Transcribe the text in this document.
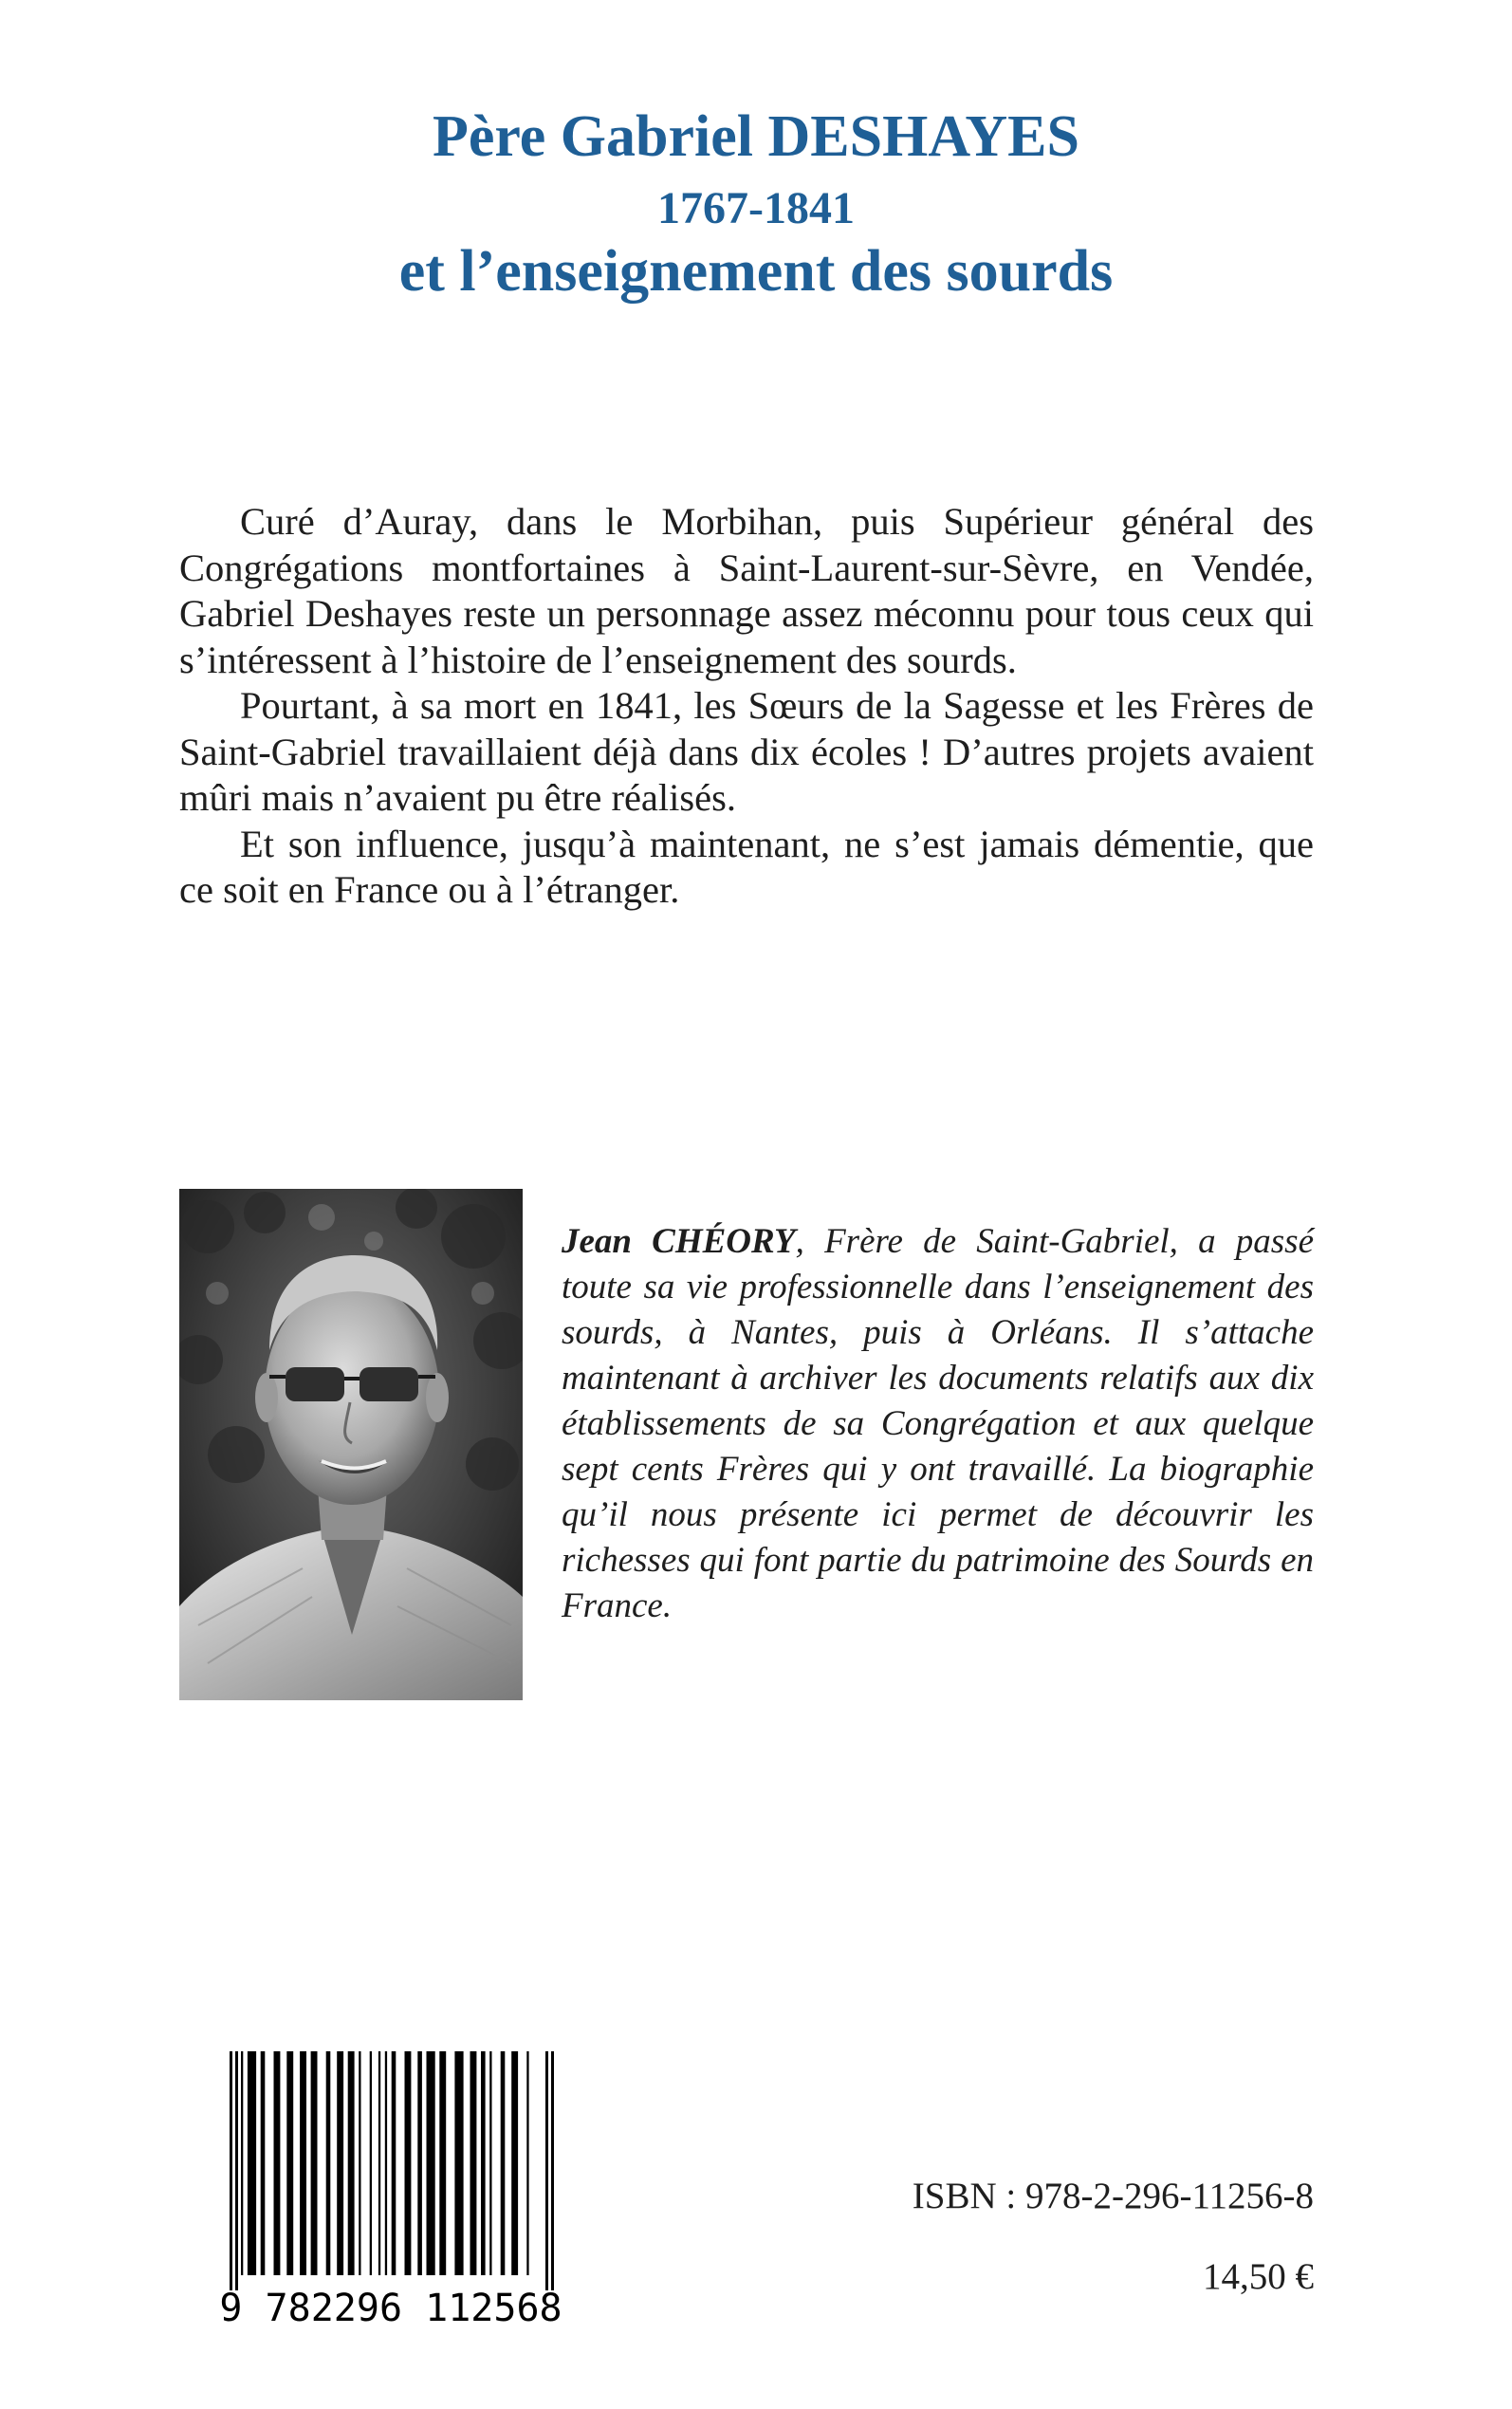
Père Gabriel DESHAYES
1767-1841
et l’enseignement des sourds

Curé d’Auray, dans le Morbihan, puis Supérieur général des Congrégations montfortaines à Saint-Laurent-sur-Sèvre, en Vendée, Gabriel Deshayes reste un personnage assez méconnu pour tous ceux qui s’intéressent à l’histoire de l’enseignement des sourds.

Pourtant, à sa mort en 1841, les Sœurs de la Sagesse et les Frères de Saint-Gabriel travaillaient déjà dans dix écoles ! D’autres projets avaient mûri mais n’avaient pu être réalisés.

Et son influence, jusqu’à maintenant, ne s’est jamais démentie, que ce soit en France ou à l’étranger.

Jean CHÉORY, Frère de Saint-Gabriel, a passé toute sa vie professionnelle dans l’enseignement des sourds, à Nantes, puis à Orléans. Il s’attache maintenant à archiver les documents relatifs aux dix établissements de sa Congrégation et aux quelque sept cents Frères qui y ont travaillé. La biographie qu’il nous présente ici permet de découvrir les richesses qui font partie du patrimoine des Sourds en France.
9 782296 112568
ISBN : 978-2-296-11256-8
14,50 €
